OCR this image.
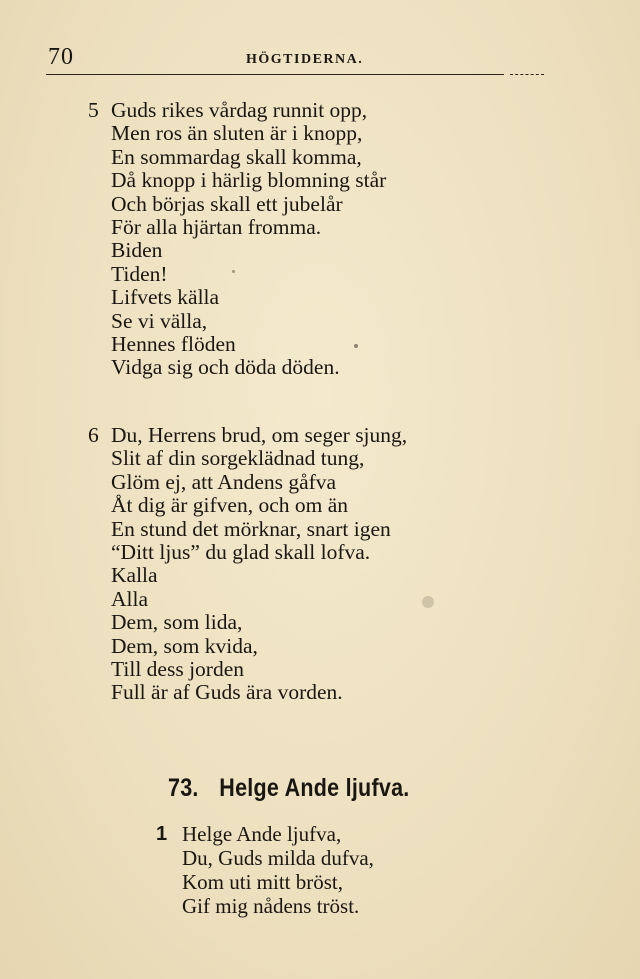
70	HÖGTIDERNA.
5 Guds rikes vårdag runnit opp,
Men ros än sluten är i knopp,
En sommardag skall komma,
Då knopp i härlig blomning står
Och börjas skall ett jubelår
För alla hjärtan fromma.
Biden
Tiden!
Lifvets källa
Se vi välla,
Hennes flöden
Vidga sig och döda döden.
6 Du, Herrens brud, om seger sjung,
Slit af din sorgeklädnad tung,
Glöm ej, att Andens gåfva
Åt dig är gifven, och om än
En stund det mörknar, snart igen
“Ditt ljus” du glad skall lofva.
Kalla
Alla
Dem, som lida,
Dem, som kvida,
Till dess jorden
Full är af Guds ära vorden.
73. Helge Ande ljufva.
1 Helge Ande ljufva,
Du, Guds milda dufva,
Kom uti mitt bröst,
Gif mig nådens tröst.
